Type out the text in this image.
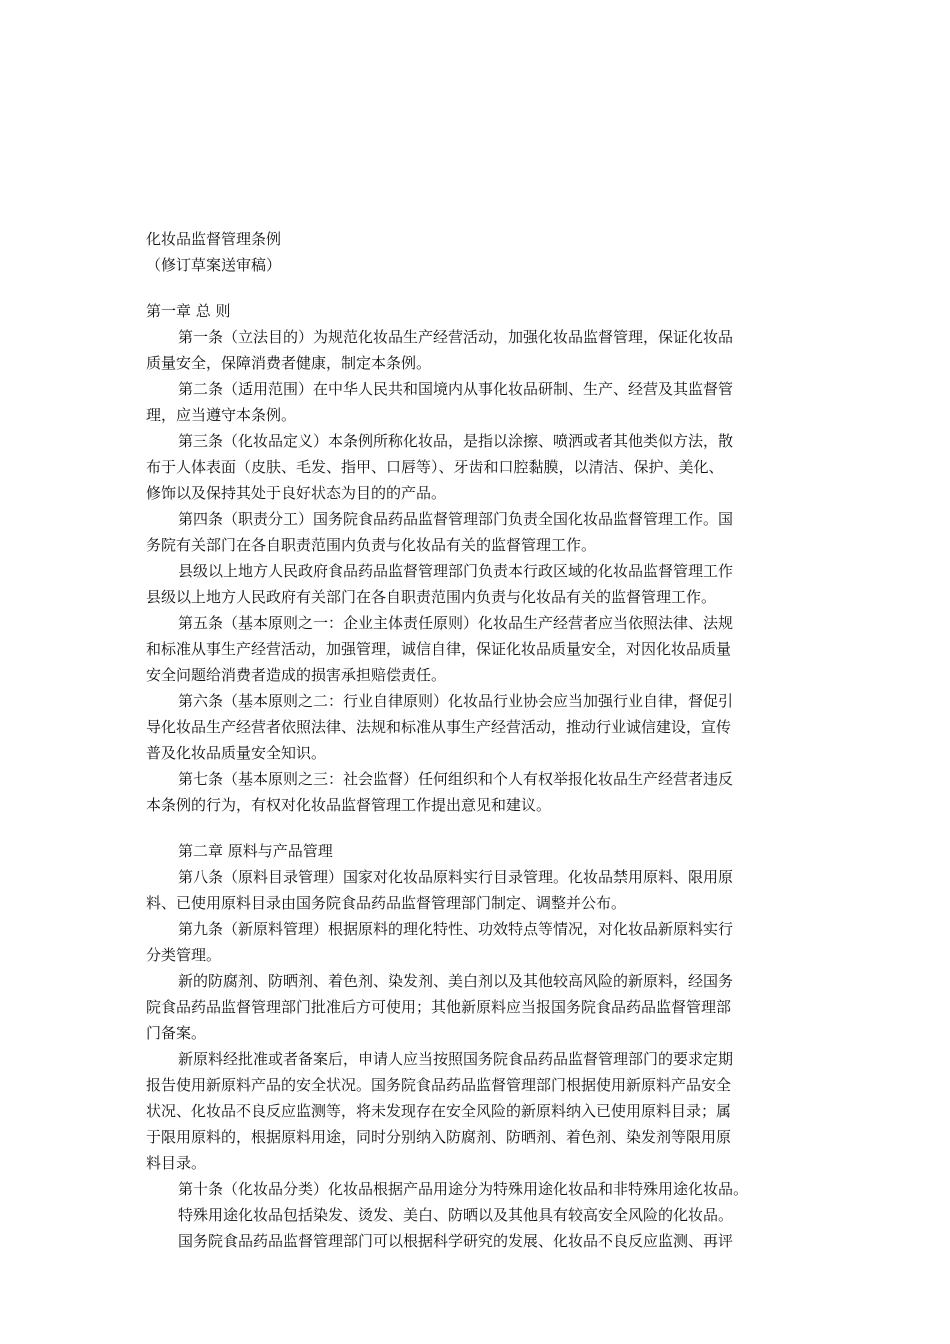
化妆品监督管理条例
（修订草案送审稿）
第一章 总 则
第一条（立法目的）为规范化妆品生产经营活动，加强化妆品监督管理，保证化妆品
质量安全，保障消费者健康，制定本条例。
第二条（适用范围）在中华人民共和国境内从事化妆品研制、生产、经营及其监督管
理，应当遵守本条例。
第三条（化妆品定义）本条例所称化妆品，是指以涂擦、喷洒或者其他类似方法，散
布于人体表面（皮肤、毛发、指甲、口唇等）、牙齿和口腔黏膜，以清洁、保护、美化、
修饰以及保持其处于良好状态为目的的产品。
第四条（职责分工）国务院食品药品监督管理部门负责全国化妆品监督管理工作。国
务院有关部门在各自职责范围内负责与化妆品有关的监督管理工作。
县级以上地方人民政府食品药品监督管理部门负责本行政区域的化妆品监督管理工作
县级以上地方人民政府有关部门在各自职责范围内负责与化妆品有关的监督管理工作。
第五条（基本原则之一：企业主体责任原则）化妆品生产经营者应当依照法律、法规
和标准从事生产经营活动，加强管理，诚信自律，保证化妆品质量安全，对因化妆品质量
安全问题给消费者造成的损害承担赔偿责任。
第六条（基本原则之二：行业自律原则）化妆品行业协会应当加强行业自律，督促引
导化妆品生产经营者依照法律、法规和标准从事生产经营活动，推动行业诚信建设，宣传
普及化妆品质量安全知识。
第七条（基本原则之三：社会监督）任何组织和个人有权举报化妆品生产经营者违反
本条例的行为，有权对化妆品监督管理工作提出意见和建议。
第二章 原料与产品管理
第八条（原料目录管理）国家对化妆品原料实行目录管理。化妆品禁用原料、限用原
料、已使用原料目录由国务院食品药品监督管理部门制定、调整并公布。
第九条（新原料管理）根据原料的理化特性、功效特点等情况，对化妆品新原料实行
分类管理。
新的防腐剂、防晒剂、着色剂、染发剂、美白剂以及其他较高风险的新原料，经国务
院食品药品监督管理部门批准后方可使用；其他新原料应当报国务院食品药品监督管理部
门备案。
新原料经批准或者备案后，申请人应当按照国务院食品药品监督管理部门的要求定期
报告使用新原料产品的安全状况。国务院食品药品监督管理部门根据使用新原料产品安全
状况、化妆品不良反应监测等，将未发现存在安全风险的新原料纳入已使用原料目录；属
于限用原料的，根据原料用途，同时分别纳入防腐剂、防晒剂、着色剂、染发剂等限用原
料目录。
第十条（化妆品分类）化妆品根据产品用途分为特殊用途化妆品和非特殊用途化妆品。
特殊用途化妆品包括染发、烫发、美白、防晒以及其他具有较高安全风险的化妆品。
国务院食品药品监督管理部门可以根据科学研究的发展、化妆品不良反应监测、再评
